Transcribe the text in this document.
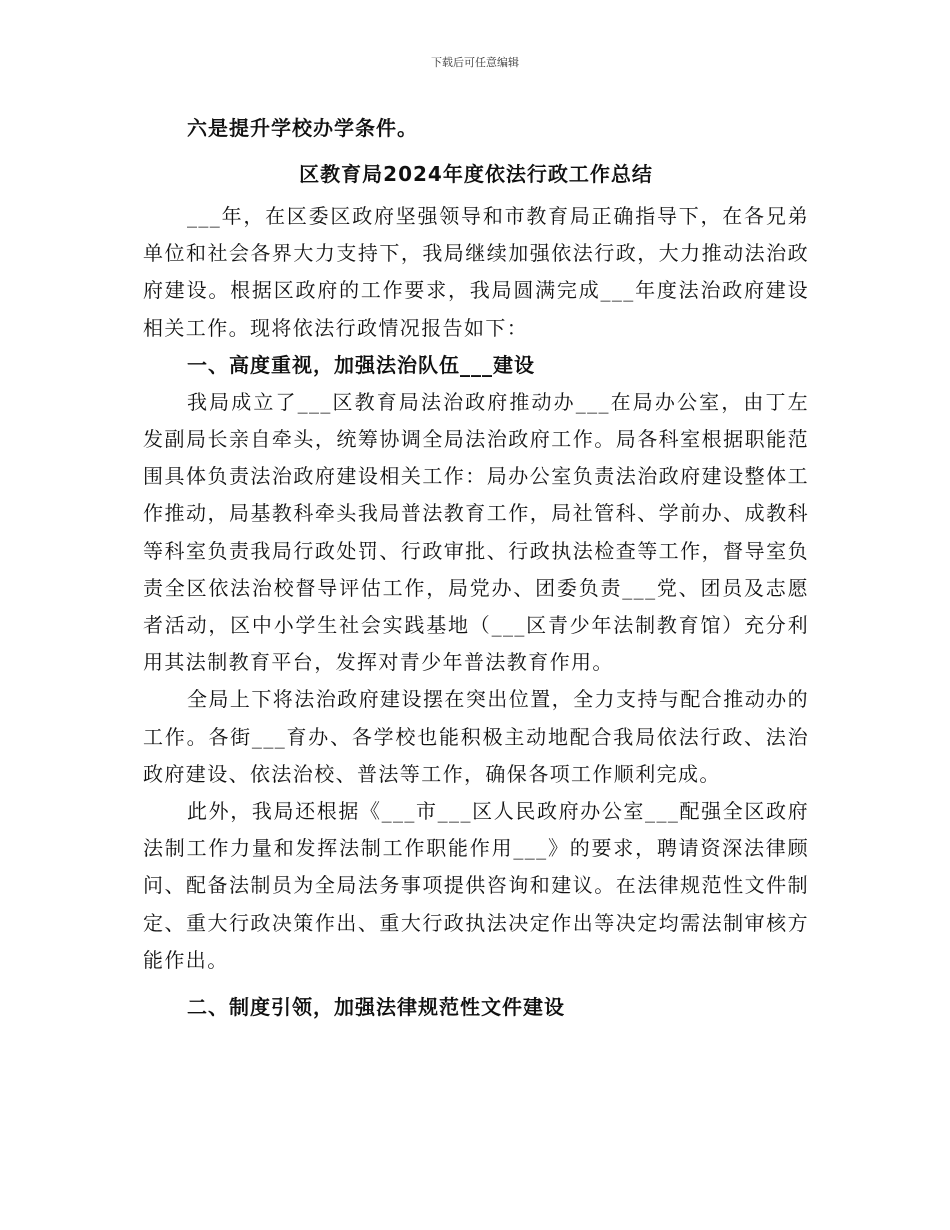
下载后可任意编辑

六是提升学校办学条件。

区教育局2024年度依法行政工作总结

___年，在区委区政府坚强领导和市教育局正确指导下，在各兄弟单位和社会各界大力支持下，我局继续加强依法行政，大力推动法治政府建设。根据区政府的工作要求，我局圆满完成___年度法治政府建设相关工作。现将依法行政情况报告如下：

一、高度重视，加强法治队伍___建设

我局成立了___区教育局法治政府推动办___在局办公室，由丁左发副局长亲自牵头，统筹协调全局法治政府工作。局各科室根据职能范围具体负责法治政府建设相关工作：局办公室负责法治政府建设整体工作推动，局基教科牵头我局普法教育工作，局社管科、学前办、成教科等科室负责我局行政处罚、行政审批、行政执法检查等工作，督导室负责全区依法治校督导评估工作，局党办、团委负责___党、团员及志愿者活动，区中小学生社会实践基地（___区青少年法制教育馆）充分利用其法制教育平台，发挥对青少年普法教育作用。

全局上下将法治政府建设摆在突出位置，全力支持与配合推动办的工作。各街___育办、各学校也能积极主动地配合我局依法行政、法治政府建设、依法治校、普法等工作，确保各项工作顺利完成。

此外，我局还根据《___市___区人民政府办公室___配强全区政府法制工作力量和发挥法制工作职能作用___》的要求，聘请资深法律顾问、配备法制员为全局法务事项提供咨询和建议。在法律规范性文件制定、重大行政决策作出、重大行政执法决定作出等决定均需法制审核方能作出。

二、制度引领，加强法律规范性文件建设
